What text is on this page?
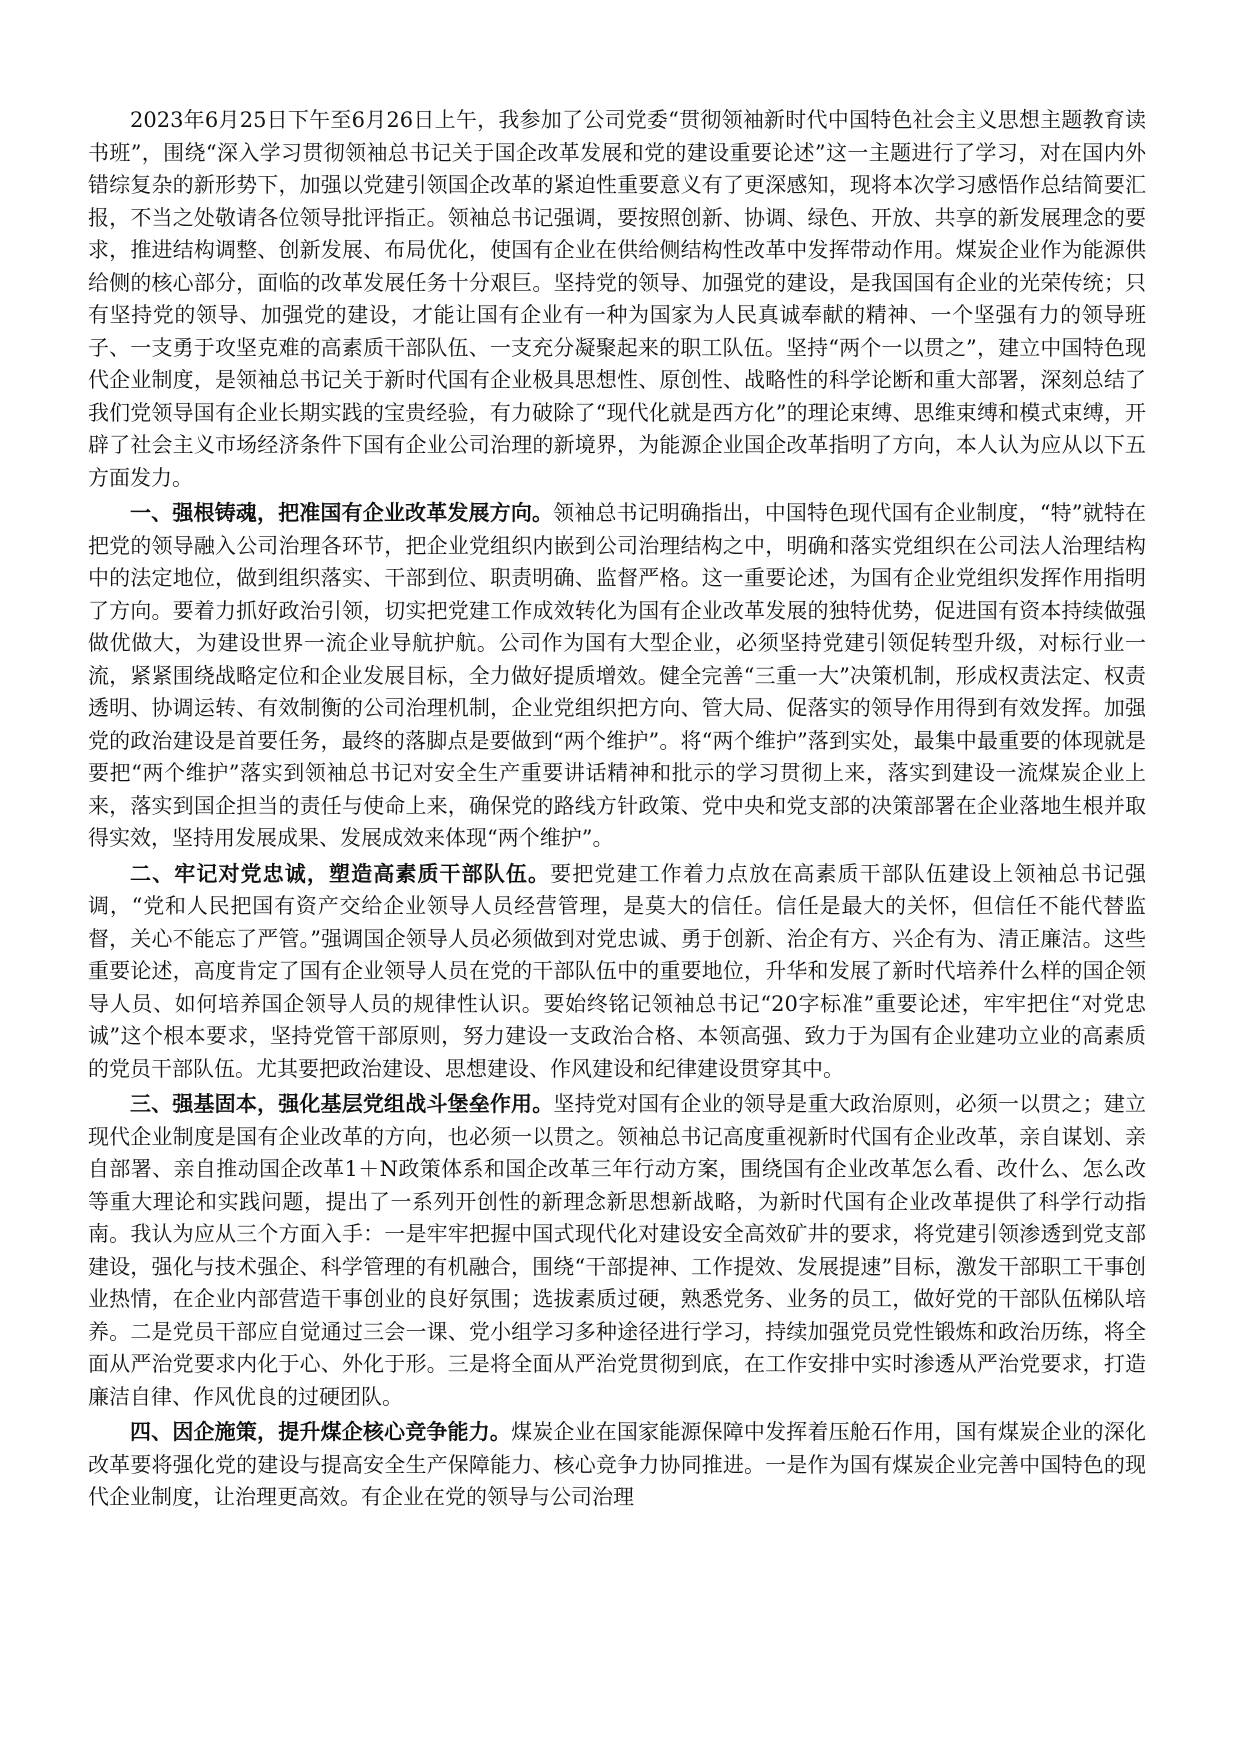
2023年6月25日下午至6月26日上午，我参加了公司党委“贯彻领袖新时代中国特色社会主义思想主题教育读书班”，围绕“深入学习贯彻领袖总书记关于国企改革发展和党的建设重要论述”这一主题进行了学习，对在国内外错综复杂的新形势下，加强以党建引领国企改革的紧迫性重要意义有了更深感知，现将本次学习感悟作总结简要汇报，不当之处敬请各位领导批评指正。领袖总书记强调，要按照创新、协调、绿色、开放、共享的新发展理念的要求，推进结构调整、创新发展、布局优化，使国有企业在供给侧结构性改革中发挥带动作用。煤炭企业作为能源供给侧的核心部分，面临的改革发展任务十分艰巨。坚持党的领导、加强党的建设，是我国国有企业的光荣传统；只有坚持党的领导、加强党的建设，才能让国有企业有一种为国家为人民真诚奉献的精神、一个坚强有力的领导班子、一支勇于攻坚克难的高素质干部队伍、一支充分凝聚起来的职工队伍。坚持“两个一以贯之”，建立中国特色现代企业制度，是领袖总书记关于新时代国有企业极具思想性、原创性、战略性的科学论断和重大部署，深刻总结了我们党领导国有企业长期实践的宝贵经验，有力破除了“现代化就是西方化”的理论束缚、思维束缚和模式束缚，开辟了社会主义市场经济条件下国有企业公司治理的新境界，为能源企业国企改革指明了方向，本人认为应从以下五方面发力。

一、强根铸魂，把准国有企业改革发展方向。领袖总书记明确指出，中国特色现代国有企业制度，“特”就特在把党的领导融入公司治理各环节，把企业党组织内嵌到公司治理结构之中，明确和落实党组织在公司法人治理结构中的法定地位，做到组织落实、干部到位、职责明确、监督严格。这一重要论述，为国有企业党组织发挥作用指明了方向。要着力抓好政治引领，切实把党建工作成效转化为国有企业改革发展的独特优势，促进国有资本持续做强做优做大，为建设世界一流企业导航护航。公司作为国有大型企业，必须坚持党建引领促转型升级，对标行业一流，紧紧围绕战略定位和企业发展目标，全力做好提质增效。健全完善“三重一大”决策机制，形成权责法定、权责透明、协调运转、有效制衡的公司治理机制，企业党组织把方向、管大局、促落实的领导作用得到有效发挥。加强党的政治建设是首要任务，最终的落脚点是要做到“两个维护”。将“两个维护”落到实处，最集中最重要的体现就是要把“两个维护”落实到领袖总书记对安全生产重要讲话精神和批示的学习贯彻上来，落实到建设一流煤炭企业上来，落实到国企担当的责任与使命上来，确保党的路线方针政策、党中央和党支部的决策部署在企业落地生根并取得实效，坚持用发展成果、发展成效来体现“两个维护”。

二、牢记对党忠诚，塑造高素质干部队伍。要把党建工作着力点放在高素质干部队伍建设上领袖总书记强调，“党和人民把国有资产交给企业领导人员经营管理，是莫大的信任。信任是最大的关怀，但信任不能代替监督，关心不能忘了严管。”强调国企领导人员必须做到对党忠诚、勇于创新、治企有方、兴企有为、清正廉洁。这些重要论述，高度肯定了国有企业领导人员在党的干部队伍中的重要地位，升华和发展了新时代培养什么样的国企领导人员、如何培养国企领导人员的规律性认识。要始终铭记领袖总书记“20字标准”重要论述，牢牢把住“对党忠诚”这个根本要求，坚持党管干部原则，努力建设一支政治合格、本领高强、致力于为国有企业建功立业的高素质的党员干部队伍。尤其要把政治建设、思想建设、作风建设和纪律建设贯穿其中。

三、强基固本，强化基层党组战斗堡垒作用。坚持党对国有企业的领导是重大政治原则，必须一以贯之；建立现代企业制度是国有企业改革的方向，也必须一以贯之。领袖总书记高度重视新时代国有企业改革，亲自谋划、亲自部署、亲自推动国企改革1＋N政策体系和国企改革三年行动方案，围绕国有企业改革怎么看、改什么、怎么改等重大理论和实践问题，提出了一系列开创性的新理念新思想新战略，为新时代国有企业改革提供了科学行动指南。我认为应从三个方面入手：一是牢牢把握中国式现代化对建设安全高效矿井的要求，将党建引领渗透到党支部建设，强化与技术强企、科学管理的有机融合，围绕“干部提神、工作提效、发展提速”目标，激发干部职工干事创业热情，在企业内部营造干事创业的良好氛围；选拔素质过硬，熟悉党务、业务的员工，做好党的干部队伍梯队培养。二是党员干部应自觉通过三会一课、党小组学习多种途径进行学习，持续加强党员党性锻炼和政治历练，将全面从严治党要求内化于心、外化于形。三是将全面从严治党贯彻到底，在工作安排中实时渗透从严治党要求，打造廉洁自律、作风优良的过硬团队。

四、因企施策，提升煤企核心竞争能力。煤炭企业在国家能源保障中发挥着压舱石作用，国有煤炭企业的深化改革要将强化党的建设与提高安全生产保障能力、核心竞争力协同推进。一是作为国有煤炭企业完善中国特色的现代企业制度，让治理更高效。有企业在党的领导与公司治理
